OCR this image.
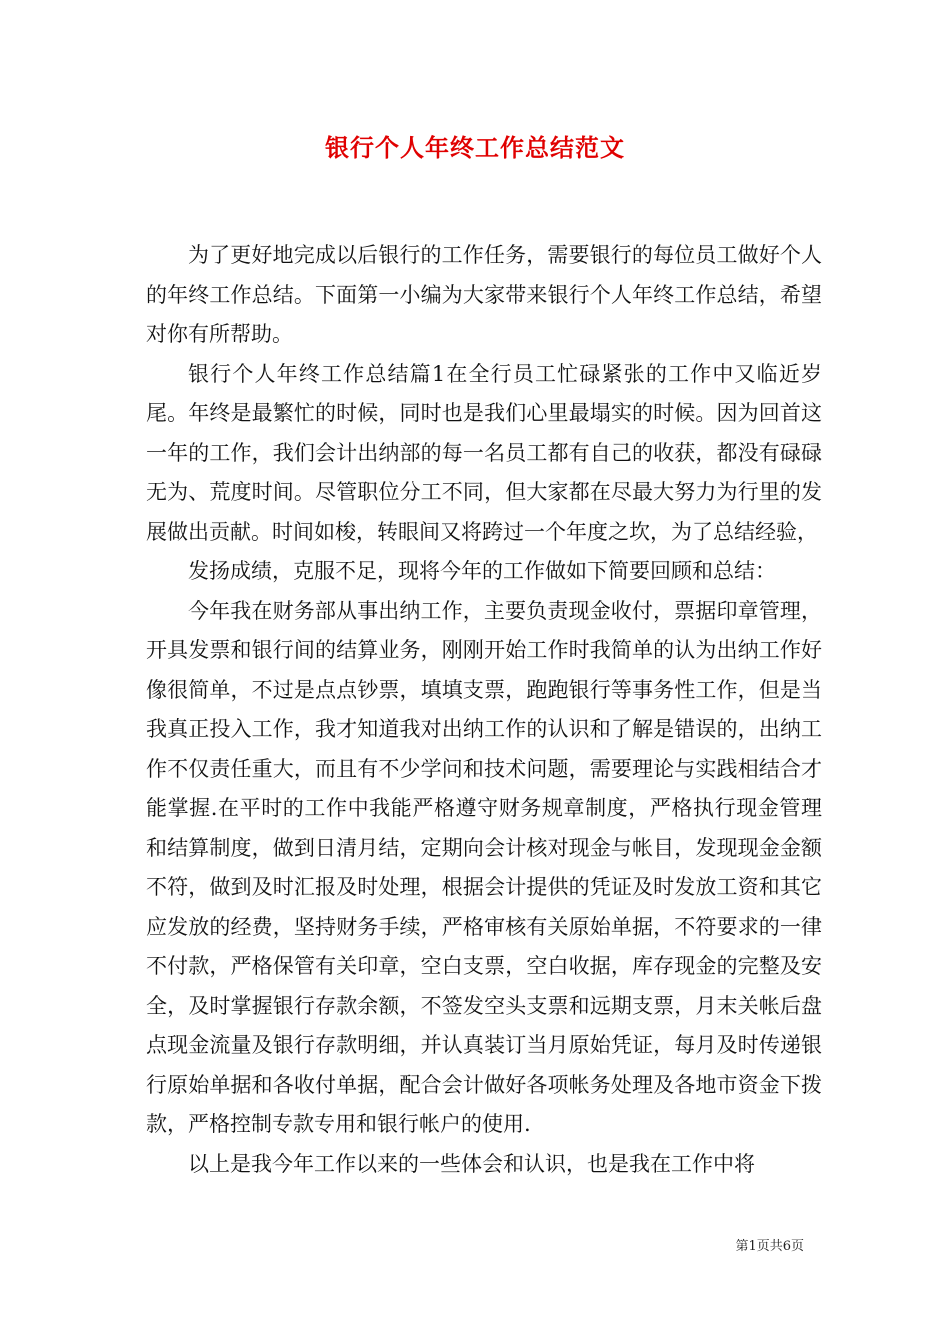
银行个人年终工作总结范文

为了更好地完成以后银行的工作任务，需要银行的每位员工做好个人的年终工作总结。下面第一小编为大家带来银行个人年终工作总结，希望对你有所帮助。

银行个人年终工作总结篇1在全行员工忙碌紧张的工作中又临近岁尾。年终是最繁忙的时候，同时也是我们心里最塌实的时候。因为回首这一年的工作，我们会计出纳部的每一名员工都有自己的收获，都没有碌碌无为、荒度时间。尽管职位分工不同，但大家都在尽最大努力为行里的发展做出贡献。时间如梭，转眼间又将跨过一个年度之坎，为了总结经验，

发扬成绩，克服不足，现将今年的工作做如下简要回顾和总结：

今年我在财务部从事出纳工作，主要负责现金收付，票据印章管理，开具发票和银行间的结算业务，刚刚开始工作时我简单的认为出纳工作好像很简单，不过是点点钞票，填填支票，跑跑银行等事务性工作，但是当我真正投入工作，我才知道我对出纳工作的认识和了解是错误的，出纳工作不仅责任重大，而且有不少学问和技术问题，需要理论与实践相结合才能掌握.在平时的工作中我能严格遵守财务规章制度，严格执行现金管理和结算制度，做到日清月结，定期向会计核对现金与帐目，发现现金金额不符，做到及时汇报及时处理，根据会计提供的凭证及时发放工资和其它应发放的经费，坚持财务手续，严格审核有关原始单据，不符要求的一律不付款，严格保管有关印章，空白支票，空白收据，库存现金的完整及安全，及时掌握银行存款余额，不签发空头支票和远期支票，月末关帐后盘点现金流量及银行存款明细，并认真装订当月原始凭证，每月及时传递银行原始单据和各收付单据，配合会计做好各项帐务处理及各地市资金下拨款，严格控制专款专用和银行帐户的使用.

以上是我今年工作以来的一些体会和认识，也是我在工作中将

第1页共6页
